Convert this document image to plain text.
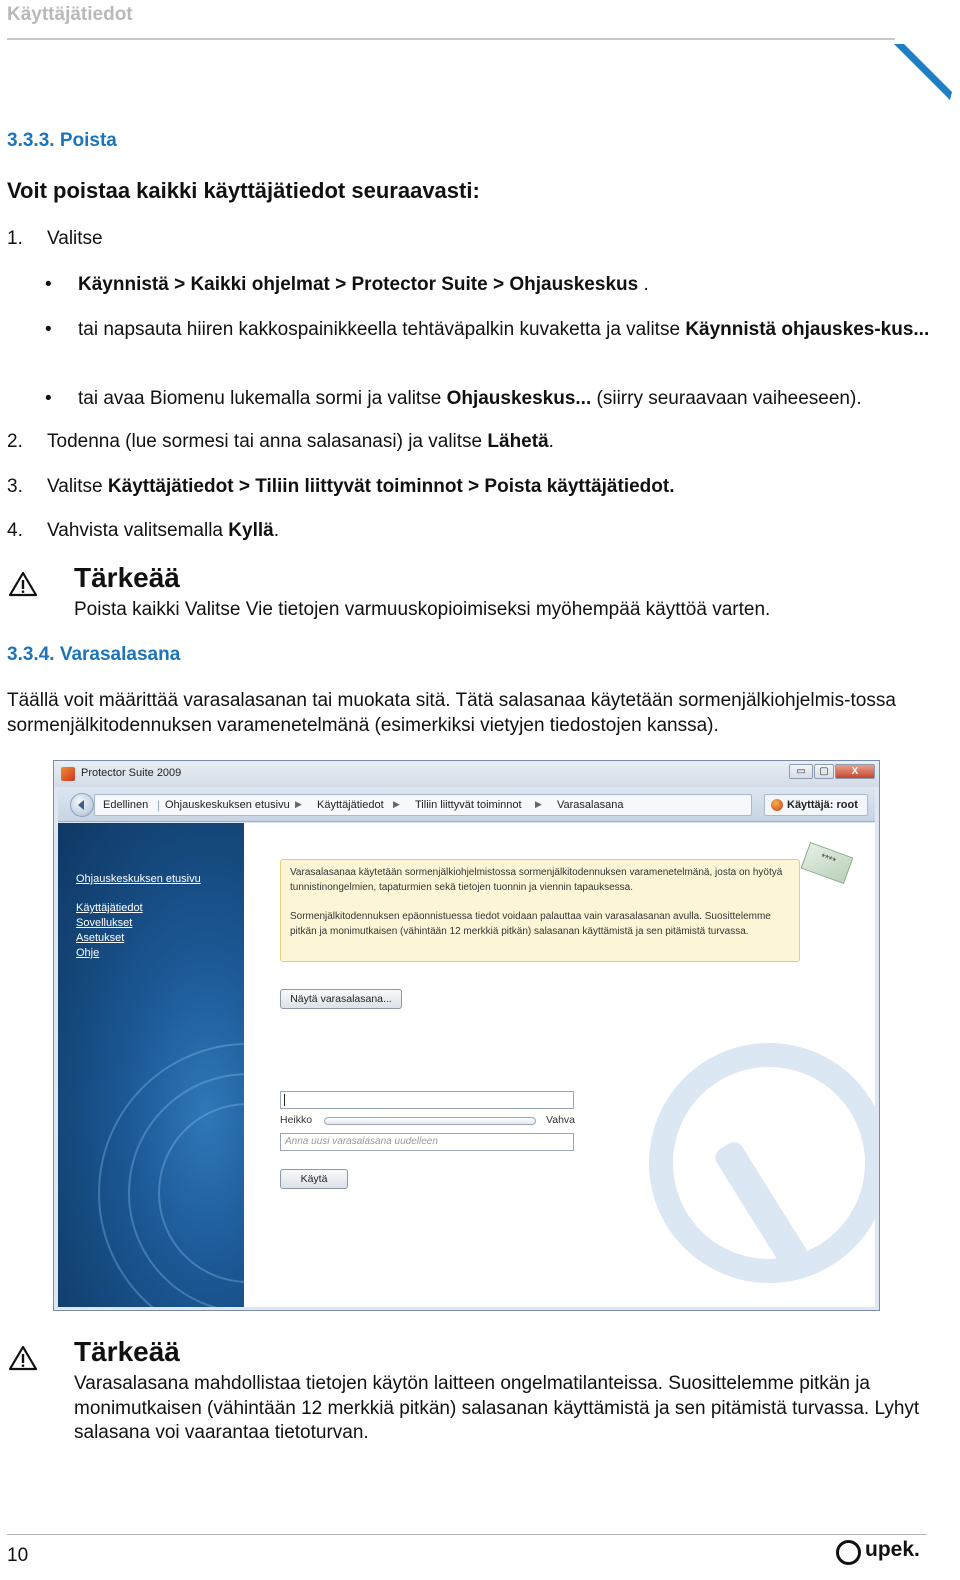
Käyttäjätiedot
3.3.3. Poista
Voit poistaa kaikki käyttäjätiedot seuraavasti:
1. Valitse
• Käynnistä > Kaikki ohjelmat > Protector Suite > Ohjauskeskus .
• tai napsauta hiiren kakkospainikkeella tehtäväpalkin kuvaketta ja valitse Käynnistä ohjauskes-kus...
• tai avaa Biomenu lukemalla sormi ja valitse Ohjauskeskus... (siirry seuraavaan vaiheeseen).
2. Todenna (lue sormesi tai anna salasanasi) ja valitse Lähetä.
3. Valitse Käyttäjätiedot > Tiliin liittyvät toiminnot > Poista käyttäjätiedot.
4. Vahvista valitsemalla Kyllä.
Tärkeää
Poista kaikki Valitse Vie tietojen varmuuskopioimiseksi myöhempää käyttöä varten.
3.3.4. Varasalasana
Täällä voit määrittää varasalasanan tai muokata sitä. Tätä salasanaa käytetään sormenjälkiohjelmis-tossa sormenjälkitodennuksen varamenetelmänä (esimerkiksi vietyjen tiedostojen kanssa).
Protector Suite 2009	▭	▢	X
Edellinen | Ohjauskeskuksen etusivu ▶ Käyttäjätiedot ▶ Tiliin liittyvät toiminnot ▶ Varasalasana	Käyttäjä: root
Ohjauskeskuksen etusivu
Käyttäjätiedot
Sovellukset
Asetukset
Ohje

Varasalasanaa käytetään sormenjälkiohjelmistossa sormenjälkitodennuksen varamenetelmänä, josta on hyötyä tunnistinongelmien, tapaturmien sekä tietojen tuonnin ja viennin tapauksessa.

Sormenjälkitodennuksen epäonnistuessa tiedot voidaan palauttaa vain varasalasanan avulla. Suosittelemme pitkän ja monimutkaisen (vähintään 12 merkkiä pitkän) salasanan käyttämistä ja sen pitämistä turvassa.

****
Näytä varasalasana...
Heikko	Vahva
Anna uusi varasalasana uudelleen
Käytä
Tärkeää
Varasalasana mahdollistaa tietojen käytön laitteen ongelmatilanteissa. Suosittelemme pitkän ja monimutkaisen (vähintään 12 merkkiä pitkän) salasanan käyttämistä ja sen pitämistä turvassa. Lyhyt salasana voi vaarantaa tietoturvan.
10	upek.
